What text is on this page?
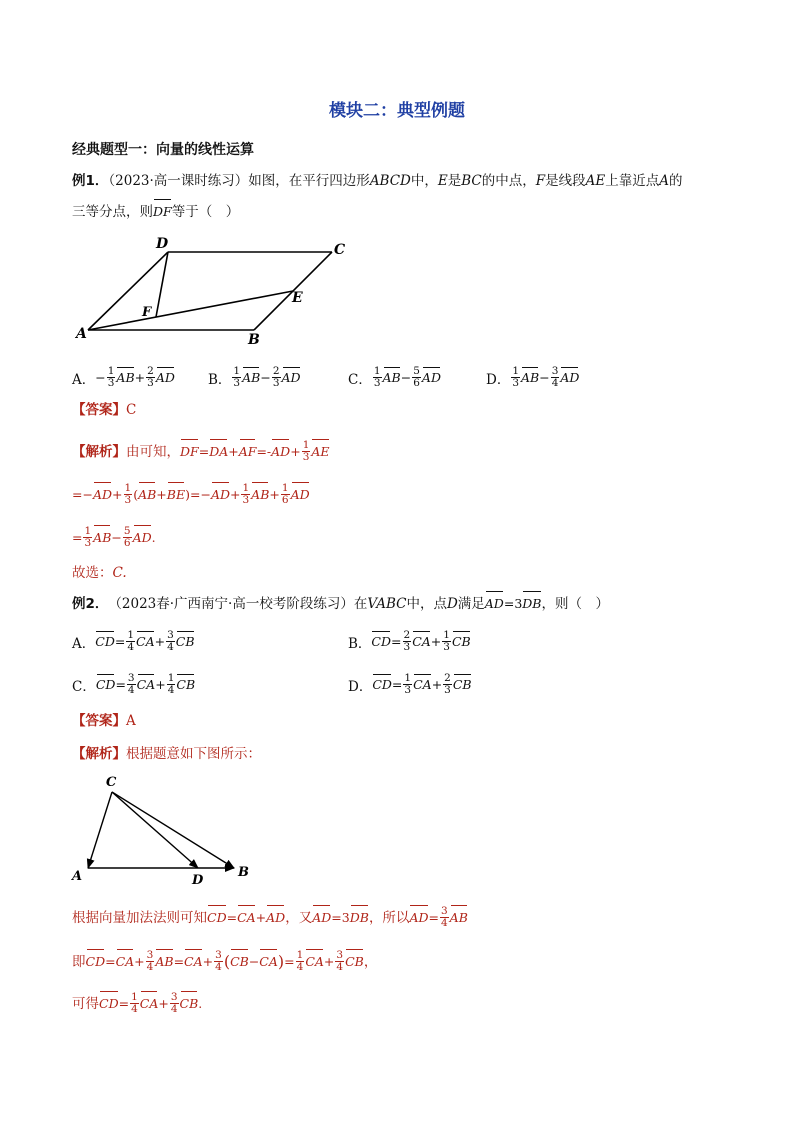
模块二：典型例题
经典题型一：向量的线性运算
例1．（2023·高一课时练习）如图，在平行四边形ABCD中，E是BC的中点，F是线段AE上靠近点A的
三等分点，则 DF 等于（　）
A	B
C
D
E
F
A． − $\frac{1}{3}$ AB + $\frac{2}{3}$ AD B． $\frac{1}{3}$ AB − $\frac{2}{3}$ AD	C． $\frac{1}{3}$ AB − $\frac{5}{6}$ AD	D． $\frac{1}{3}$ AB − $\frac{3}{4}$ AD
【答案】C
【解析】 由可知， DF = DA + AF =- AD + $\frac{1}{3}$ AE
=− AD + $\frac{1}{3}$ ( AB + BE ) =− AD + $\frac{1}{3}$ AB + $\frac{1}{6}$ AD
= $\frac{1}{3}$ AB − $\frac{5}{6}$ AD .
故选：C.
例2． （2023春·广西南宁·高一校考阶段练习）在 VABC 中，点 D 满足 AD =3 DB ，则（　）
A． CD = $\frac{1}{4}$ CA + $\frac{3}{4}$ CB	B． CD = $\frac{2}{3}$ CA + $\frac{1}{3}$ CB
C． CD = $\frac{3}{4}$ CA + $\frac{1}{4}$ CB	D． CD = $\frac{1}{3}$ CA + $\frac{2}{3}$ CB
【答案】A
【解析】根据题意如下图所示：
C
A	D
B
根据向量加法法则可知 CD = CA + AD ，又 AD =3 DB ，所以 AD = $\frac{3}{4}$ AB
即 CD = CA + $\frac{3}{4}$ AB = CA + $\frac{3}{4}$ ( CB − CA ) = $\frac{1}{4}$ CA + $\frac{3}{4}$ CB ，
可得 CD = $\frac{1}{4}$ CA + $\frac{3}{4}$ CB .
